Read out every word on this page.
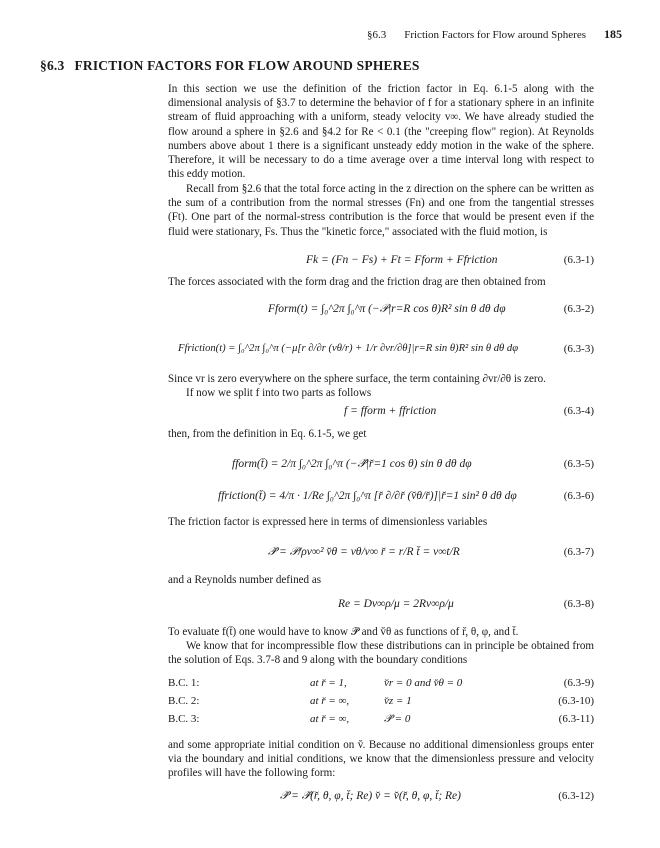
§6.3 Friction Factors for Flow around Spheres 185
§6.3 FRICTION FACTORS FOR FLOW AROUND SPHERES

In this section we use the definition of the friction factor in Eq. 6.1-5 along with the dimensional analysis of §3.7 to determine the behavior of f for a stationary sphere in an infinite stream of fluid approaching with a uniform, steady velocity v∞. We have already studied the flow around a sphere in §2.6 and §4.2 for Re < 0.1 (the "creeping flow" region). At Reynolds numbers above about 1 there is a significant unsteady eddy motion in the wake of the sphere. Therefore, it will be necessary to do a time average over a time interval long with respect to this eddy motion.

Recall from §2.6 that the total force acting in the z direction on the sphere can be written as the sum of a contribution from the normal stresses (Fn) and one from the tangential stresses (Ft). One part of the normal-stress contribution is the force that would be present even if the fluid were stationary, Fs. Thus the "kinetic force," associated with the fluid motion, is

Fk = (Fn − Fs) + Ft = Fform + Ffriction	(6.3-1)

The forces associated with the form drag and the friction drag are then obtained from

Fform(t) = ∫₀^2π ∫₀^π (−𝒫|r=R cos θ)R² sin θ dθ dφ	(6.3-2)
Ffriction(t) = ∫₀^2π ∫₀^π (−μ[r ∂/∂r (vθ/r) + 1/r ∂vr/∂θ]|r=R sin θ)R² sin θ dθ dφ	(6.3-3)

Since vr is zero everywhere on the sphere surface, the term containing ∂vr/∂θ is zero.

If now we split f into two parts as follows

f = fform + ffriction	(6.3-4)

then, from the definition in Eq. 6.1-5, we get

fform(t̆) = 2/π ∫₀^2π ∫₀^π (−𝒫̆|r̆=1 cos θ) sin θ dθ dφ	(6.3-5)
ffriction(t̆) = 4/π · 1/Re ∫₀^2π ∫₀^π [r̆ ∂/∂r̆ (v̆θ/r̆)]|r̆=1 sin² θ dθ dφ	(6.3-6)

The friction factor is expressed here in terms of dimensionless variables

𝒫̆ = 𝒫/ρv∞² v̆θ = vθ/v∞ r̆ = r/R t̆ = v∞t/R	(6.3-7)

and a Reynolds number defined as

Re = Dv∞ρ/μ = 2Rv∞ρ/μ	(6.3-8)

To evaluate f(t̆) one would have to know 𝒫̆ and v̆θ as functions of r̆, θ, φ, and t̆.

We know that for incompressible flow these distributions can in principle be obtained from the solution of Eqs. 3.7-8 and 9 along with the boundary conditions

B.C. 1:	at r̆ = 1,	v̆r = 0 and v̆θ = 0	(6.3-9)
B.C. 2:	at r̆ = ∞,	v̆z = 1	(6.3-10)
B.C. 3:	at r̆ = ∞,	𝒫̆ = 0	(6.3-11)

and some appropriate initial condition on v̆. Because no additional dimensionless groups enter via the boundary and initial conditions, we know that the dimensionless pressure and velocity profiles will have the following form:

𝒫̆ = 𝒫̆(r̆, θ, φ, t̆; Re) v̆ = v̆(r̆, θ, φ, t̆; Re)	(6.3-12)
